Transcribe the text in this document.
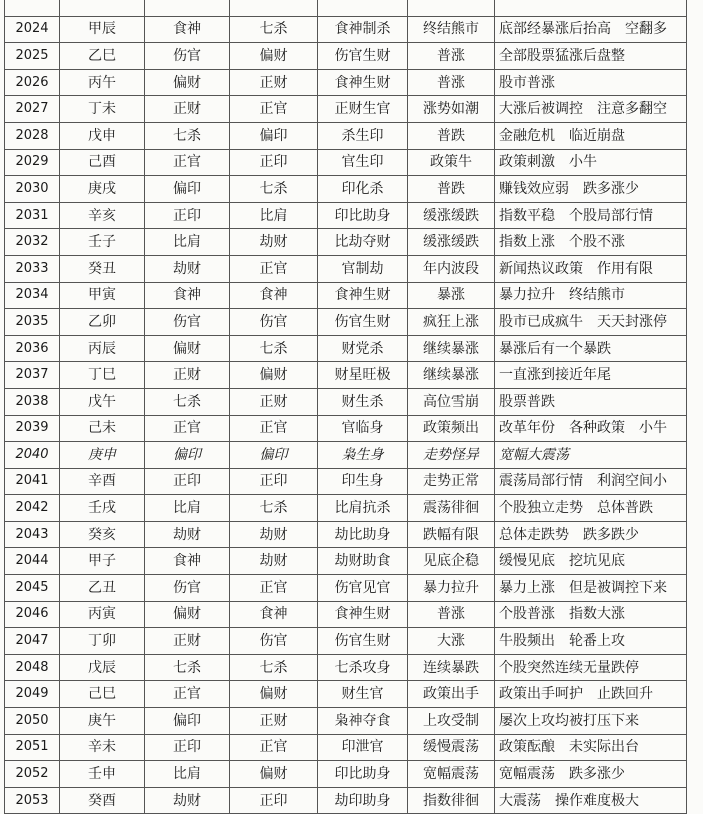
2024	甲辰	食神	七杀	食神制杀	终结熊市	底部经暴涨后抬高　空翻多
2025	乙巳	伤官	偏财	伤官生财	普涨	全部股票猛涨后盘整
2026	丙午	偏财	正财	食神生财	普涨	股市普涨
2027	丁未	正财	正官	正财生官	涨势如潮	大涨后被调控　注意多翻空
2028	戊申	七杀	偏印	杀生印	普跌	金融危机　临近崩盘
2029	己酉	正官	正印	官生印	政策牛	政策刺激　小牛
2030	庚戌	偏印	七杀	印化杀	普跌	赚钱效应弱　跌多涨少
2031	辛亥	正印	比肩	印比助身	缓涨缓跌	指数平稳　个股局部行情
2032	壬子	比肩	劫财	比劫夺财	缓涨缓跌	指数上涨　个股不涨
2033	癸丑	劫财	正官	官制劫	年内波段	新闻热议政策　作用有限
2034	甲寅	食神	食神	食神生财	暴涨	暴力拉升　终结熊市
2035	乙卯	伤官	伤官	伤官生财	疯狂上涨	股市已成疯牛　天天封涨停
2036	丙辰	偏财	七杀	财党杀	继续暴涨	暴涨后有一个暴跌
2037	丁巳	正财	偏财	财星旺极	继续暴涨	一直涨到接近年尾
2038	戊午	七杀	正财	财生杀	高位雪崩	股票普跌
2039	己未	正官	正官	官临身	政策频出	改革年份　各种政策　小牛
2040	庚申	偏印	偏印	枭生身	走势怪异	宽幅大震荡
2041	辛酉	正印	正印	印生身	走势正常	震荡局部行情　利润空间小
2042	壬戌	比肩	七杀	比肩抗杀	震荡徘徊	个股独立走势　总体普跌
2043	癸亥	劫财	劫财	劫比助身	跌幅有限	总体走跌势　跌多跌少
2044	甲子	食神	劫财	劫财助食	见底企稳	缓慢见底　挖坑见底
2045	乙丑	伤官	正官	伤官见官	暴力拉升	暴力上涨　但是被调控下来
2046	丙寅	偏财	食神	食神生财	普涨	个股普涨　指数大涨
2047	丁卯	正财	伤官	伤官生财	大涨	牛股频出　轮番上攻
2048	戊辰	七杀	七杀	七杀攻身	连续暴跌	个股突然连续无量跌停
2049	己巳	正官	偏财	财生官	政策出手	政策出手呵护　止跌回升
2050	庚午	偏印	正财	枭神夺食	上攻受制	屡次上攻均被打压下来
2051	辛未	正印	正官	印泄官	缓慢震荡	政策酝酿　未实际出台
2052	壬申	比肩	偏财	印比助身	宽幅震荡	宽幅震荡　跌多涨少
2053	癸酉	劫财	正印	劫印助身	指数徘徊	大震荡　操作难度极大
